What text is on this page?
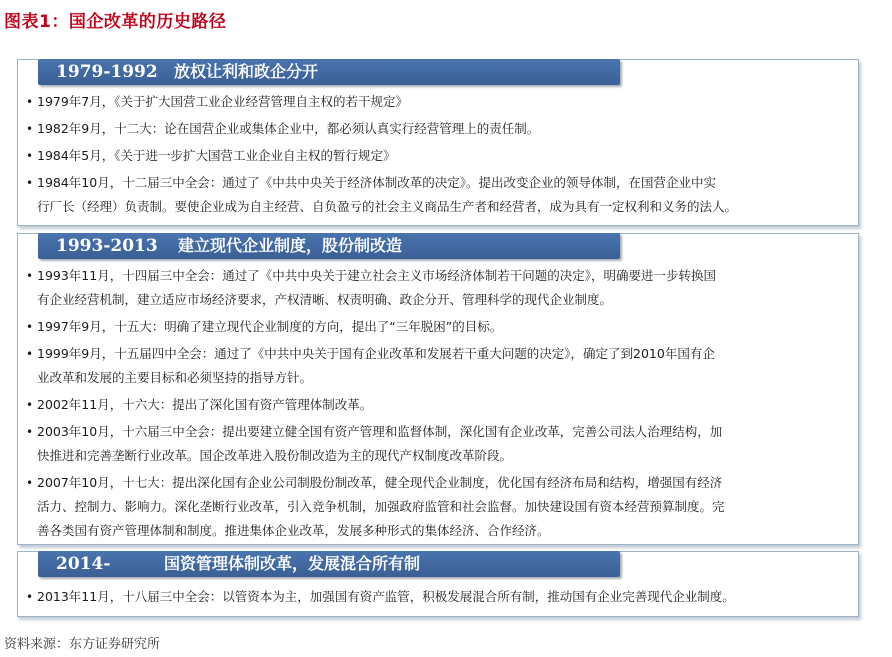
图表1：国企改革的历史路径
1979-1992 放权让利和政企分开
• 1979年7月，《关于扩大国营工业企业经营管理自主权的若干规定》
• 1982年9月，十二大：论在国营企业或集体企业中，都必须认真实行经营管理上的责任制。
• 1984年5月，《关于进一步扩大国营工业企业自主权的暂行规定》
• 1984年10月，十二届三中全会：通过了《中共中央关于经济体制改革的决定》。提出改变企业的领导体制，在国营企业中实
行厂长（经理）负责制。要使企业成为自主经营、自负盈亏的社会主义商品生产者和经营者，成为具有一定权利和义务的法人。
1993-2013 建立现代企业制度，股份制改造
• 1993年11月，十四届三中全会：通过了《中共中央关于建立社会主义市场经济体制若干问题的决定》，明确要进一步转换国
有企业经营机制，建立适应市场经济要求，产权清晰、权责明确、政企分开、管理科学的现代企业制度。
• 1997年9月，十五大：明确了建立现代企业制度的方向，提出了“三年脱困”的目标。
• 1999年9月，十五届四中全会：通过了《中共中央关于国有企业改革和发展若干重大问题的决定》，确定了到2010年国有企
业改革和发展的主要目标和必须坚持的指导方针。
• 2002年11月，十六大：提出了深化国有资产管理体制改革。
• 2003年10月，十六届三中全会：提出要建立健全国有资产管理和监督体制，深化国有企业改革，完善公司法人治理结构，加
快推进和完善垄断行业改革。国企改革进入股份制改造为主的现代产权制度改革阶段。
• 2007年10月，十七大：提出深化国有企业公司制股份制改革，健全现代企业制度，优化国有经济布局和结构，增强国有经济
活力、控制力、影响力。深化垄断行业改革，引入竞争机制，加强政府监管和社会监督。加快建设国有资本经营预算制度。完
善各类国有资产管理体制和制度。推进集体企业改革，发展多种形式的集体经济、合作经济。
2014-	国资管理体制改革，发展混合所有制
• 2013年11月，十八届三中全会：以管资本为主，加强国有资产监管，积极发展混合所有制，推动国有企业完善现代企业制度。
资料来源：东方证券研究所
